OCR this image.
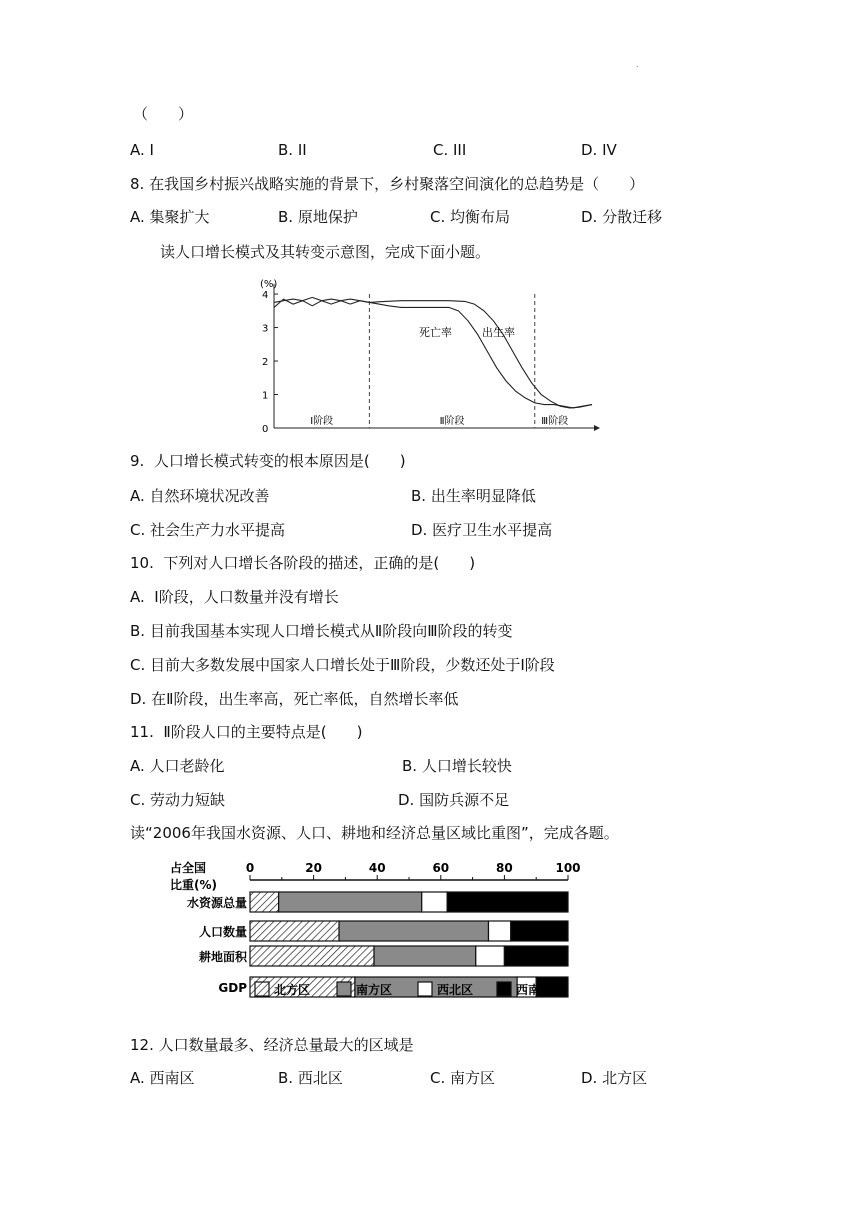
.
（　　）
A. I	B. II	C. III	D. IV
8. 在我国乡村振兴战略实施的背景下，乡村聚落空间演化的总趋势是（　　）
A. 集聚扩大	B. 原地保护	C. 均衡布局	D. 分散迁移
读人口增长模式及其转变示意图，完成下面小题。
(%)
0
1
2
3
4
Ⅰ阶段	Ⅱ阶段	Ⅲ阶段
死亡率	出生率
9.  人口增长模式转变的根本原因是(　　)
A. 自然环境状况改善	B. 出生率明显降低
C. 社会生产力水平提高	D. 医疗卫生水平提高
10.  下列对人口增长各阶段的描述，正确的是(　　)
A.  Ⅰ阶段，人口数量并没有增长
B. 目前我国基本实现人口增长模式从Ⅱ阶段向Ⅲ阶段的转变
C. 目前大多数发展中国家人口增长处于Ⅲ阶段，少数还处于Ⅰ阶段
D. 在Ⅱ阶段，出生率高，死亡率低，自然增长率低
11.  Ⅱ阶段人口的主要特点是(　　)
A. 人口老龄化	B. 人口增长较快
C. 劳动力短缺	D. 国防兵源不足
读“2006年我国水资源、人口、耕地和经济总量区域比重图”，完成各题。
占全国
比重(%)
0	20	40	60	80	100
水资源总量
人口数量
耕地面积
GDP 北方区	南方区	西北区	西南区
12. 人口数量最多、经济总量最大的区域是
A. 西南区	B. 西北区	C. 南方区	D. 北方区
